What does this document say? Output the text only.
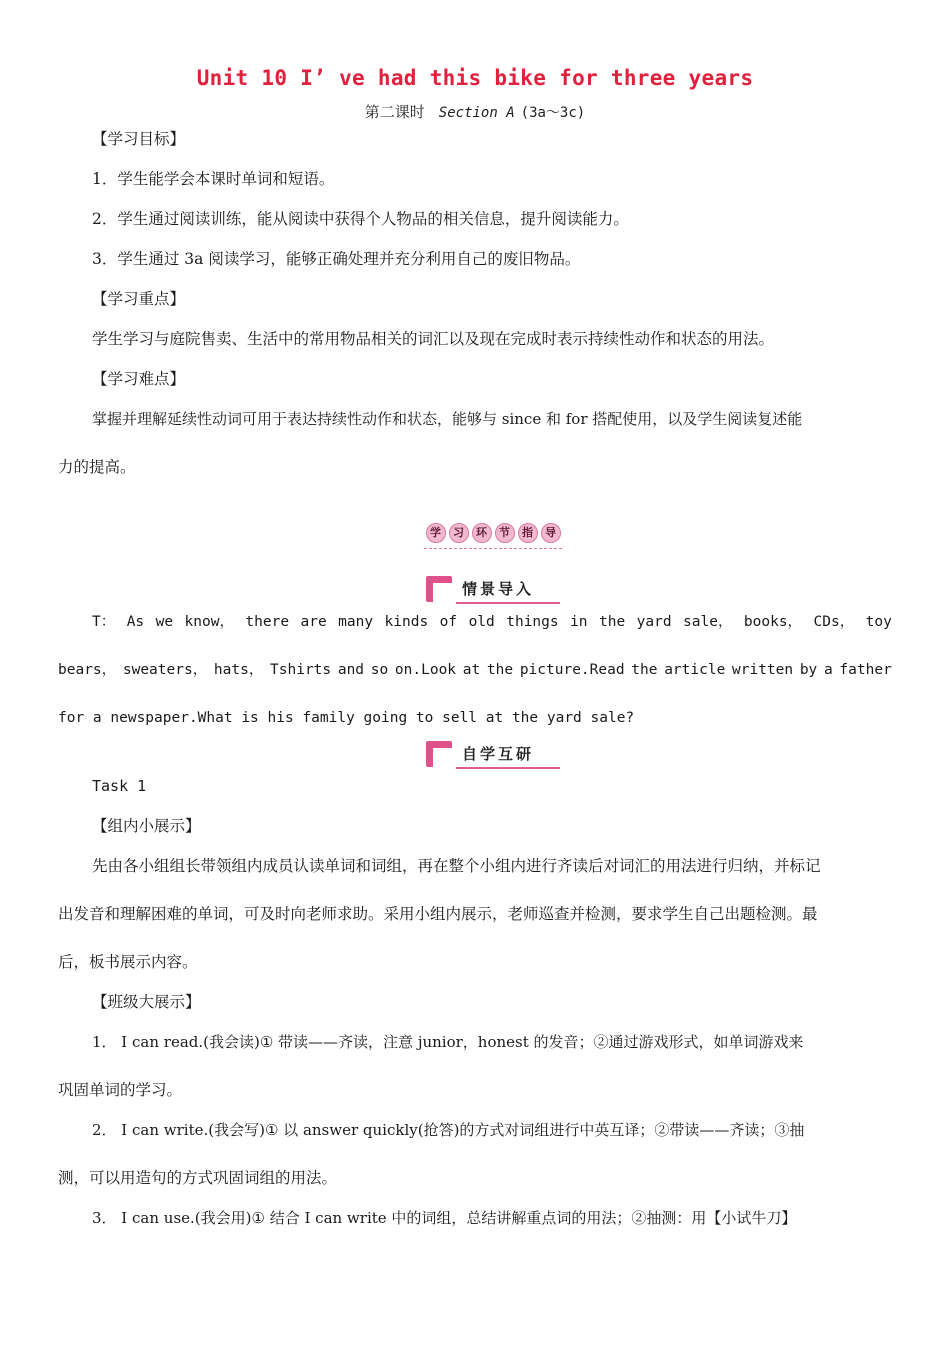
Unit 10 I’ ve had this bike for three years
第二课时 Section A (3a～3c)
【学习目标】
1．学生能学会本课时单词和短语。
2．学生通过阅读训练，能从阅读中获得个人物品的相关信息，提升阅读能力。
3．学生通过 3a 阅读学习，能够正确处理并充分利用自己的废旧物品。
【学习重点】
学生学习与庭院售卖、生活中的常用物品相关的词汇以及现在完成时表示持续性动作和状态的用法。
【学习难点】
掌握并理解延续性动词可用于表达持续性动作和状态，能够与 since 和 for 搭配使用，以及学生阅读复述能
力的提高。
学	习	环	节	指	导
情景导入
T： As we know， there are many kinds of old things in the yard sale， books， CDs， toy
bears， sweaters， hats， Tshirts and so on.Look at the picture.Read the article written by a father
for a newspaper.What is his family going to sell at the yard sale?
自学互研
Task 1
【组内小展示】
先由各小组组长带领组内成员认读单词和词组，再在整个小组内进行齐读后对词汇的用法进行归纳，并标记
出发音和理解困难的单词，可及时向老师求助。采用小组内展示，老师巡查并检测，要求学生自己出题检测。最
后，板书展示内容。
【班级大展示】
1． I can read.(我会读)① 带读——齐读，注意 junior，honest 的发音；②通过游戏形式，如单词游戏来
巩固单词的学习。
2． I can write.(我会写)① 以 answer quickly(抢答)的方式对词组进行中英互译；②带读——齐读；③抽
测，可以用造句的方式巩固词组的用法。
3． I can use.(我会用)① 结合 I can write 中的词组，总结讲解重点词的用法；②抽测：用【小试牛刀】
